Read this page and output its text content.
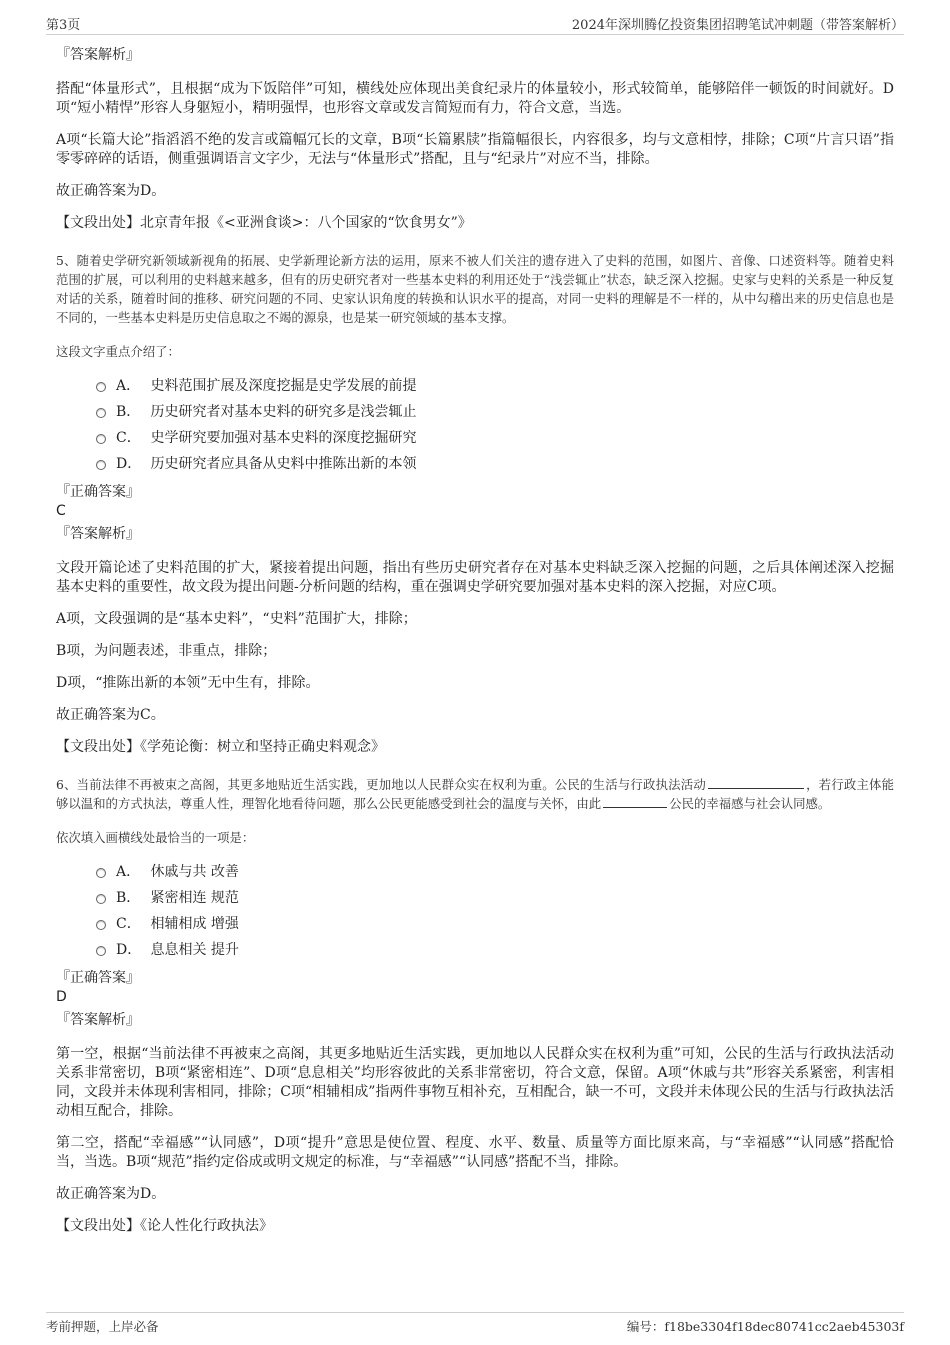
第3页	2024年深圳腾亿投资集团招聘笔试冲刺题（带答案解析）

『答案解析』

搭配“体量形式”，且根据“成为下饭陪伴”可知，横线处应体现出美食纪录片的体量较小，形式较简单，能够陪伴一顿饭的时间就好。D项“短小精悍”形容人身躯短小，精明强悍，也形容文章或发言简短而有力，符合文意，当选。

A项“长篇大论”指滔滔不绝的发言或篇幅冗长的文章，B项“长篇累牍”指篇幅很长，内容很多，均与文意相悖，排除；C项“片言只语”指零零碎碎的话语，侧重强调语言文字少，无法与“体量形式”搭配，且与“纪录片”对应不当，排除。

故正确答案为D。

【文段出处】北京青年报《<亚洲食谈>：八个国家的“饮食男女”》

5、随着史学研究新领域新视角的拓展、史学新理论新方法的运用，原来不被人们关注的遗存进入了史料的范围，如图片、音像、口述资料等。随着史料范围的扩展，可以利用的史料越来越多，但有的历史研究者对一些基本史料的利用还处于“浅尝辄止”状态，缺乏深入挖掘。史家与史料的关系是一种反复对话的关系，随着时间的推移、研究问题的不同、史家认识角度的转换和认识水平的提高，对同一史料的理解是不一样的，从中勾稽出来的历史信息也是不同的，一些基本史料是历史信息取之不竭的源泉，也是某一研究领域的基本支撑。

这段文字重点介绍了：

A． 史料范围扩展及深度挖掘是史学发展的前提
B． 历史研究者对基本史料的研究多是浅尝辄止
C． 史学研究要加强对基本史料的深度挖掘研究
D． 历史研究者应具备从史料中推陈出新的本领

『正确答案』

C

『答案解析』

文段开篇论述了史料范围的扩大，紧接着提出问题，指出有些历史研究者存在对基本史料缺乏深入挖掘的问题，之后具体阐述深入挖掘基本史料的重要性，故文段为提出问题-分析问题的结构，重在强调史学研究要加强对基本史料的深入挖掘，对应C项。

A项，文段强调的是“基本史料”，“史料”范围扩大，排除；

B项，为问题表述，非重点，排除；

D项，“推陈出新的本领”无中生有，排除。

故正确答案为C。

【文段出处】《学苑论衡：树立和坚持正确史料观念》

6、当前法律不再被束之高阁，其更多地贴近生活实践，更加地以人民群众实在权利为重。公民的生活与行政执法活动	，若行政主体能够以温和的方式执法，尊重人性，理智化地看待问题，那么公民更能感受到社会的温度与关怀，由此	公民的幸福感与社会认同感。

依次填入画横线处最恰当的一项是：

A． 休戚与共 改善
B． 紧密相连 规范
C． 相辅相成 增强
D． 息息相关 提升

『正确答案』

D

『答案解析』

第一空，根据“当前法律不再被束之高阁，其更多地贴近生活实践，更加地以人民群众实在权利为重”可知，公民的生活与行政执法活动关系非常密切，B项“紧密相连”、D项“息息相关”均形容彼此的关系非常密切，符合文意，保留。A项“休戚与共”形容关系紧密，利害相同，文段并未体现利害相同，排除；C项“相辅相成”指两件事物互相补充，互相配合，缺一不可，文段并未体现公民的生活与行政执法活动相互配合，排除。

第二空，搭配“幸福感”“认同感”，D项“提升”意思是使位置、程度、水平、数量、质量等方面比原来高，与“幸福感”“认同感”搭配恰当，当选。B项“规范”指约定俗成或明文规定的标准，与“幸福感”“认同感”搭配不当，排除。

故正确答案为D。

【文段出处】《论人性化行政执法》

考前押题，上岸必备	编号：f18be3304f18dec80741cc2aeb45303f
